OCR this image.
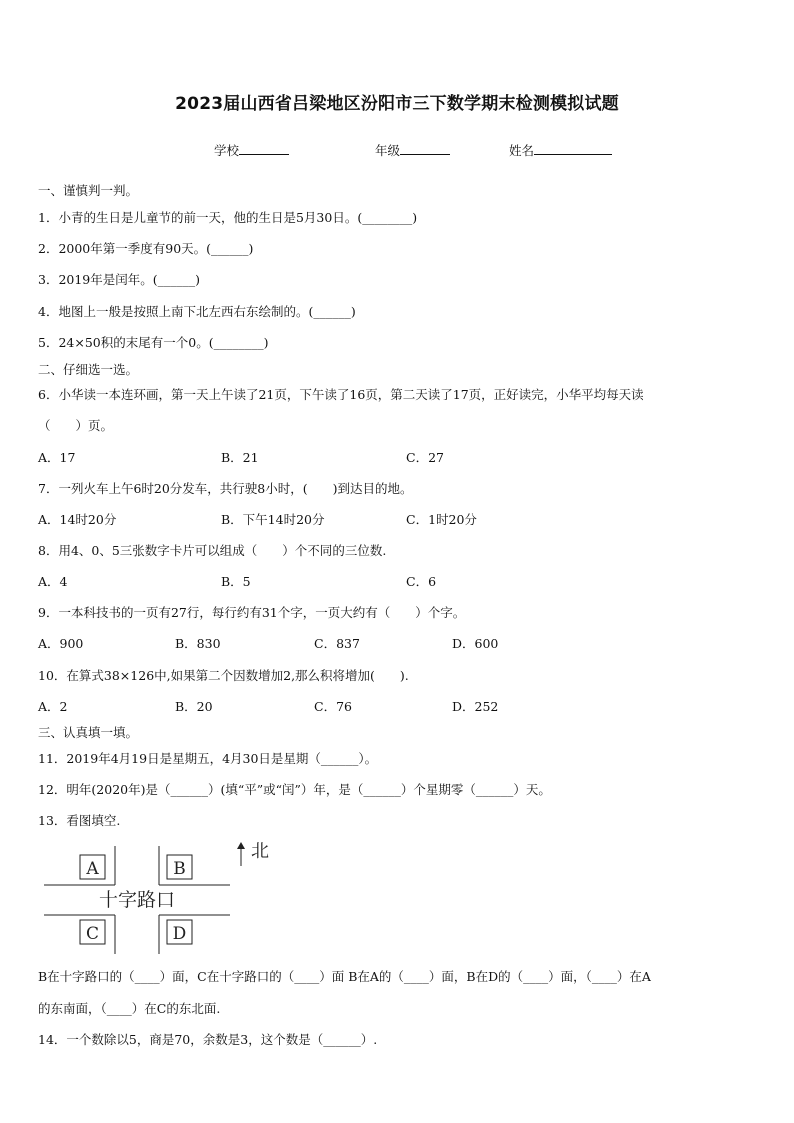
2023届山西省吕梁地区汾阳市三下数学期末检测模拟试题
学校	年级	姓名
一、谨慎判一判。
1．小青的生日是儿童节的前一天，他的生日是5月30日。(________)
2．2000年第一季度有90天。(______)
3．2019年是闰年。(______)
4．地图上一般是按照上南下北左西右东绘制的。(______)
5．24×50积的末尾有一个0。(________)
二、仔细选一选。
6．小华读一本连环画，第一天上午读了21页，下午读了16页，第二天读了17页，正好读完，小华平均每天读
（　　）页。
A．17	B．21	C．27
7．一列火车上午6时20分发车，共行驶8小时，(　　)到达目的地。
A．14时20分	B．下午14时20分	C．1时20分
8．用4、0、5三张数字卡片可以组成（　　）个不同的三位数.
A．4	B．5	C．6
9．一本科技书的一页有27行，每行约有31个字，一页大约有（　　）个字。
A．900	B．830	C．837	D．600
10．在算式38×126中,如果第二个因数增加2,那么积将增加(　　).
A．2	B．20	C．76	D．252
三、认真填一填。
11．2019年4月19日是星期五，4月30日是星期（______）。
12．明年(2020年)是（______）(填“平”或“闰”）年，是（______）个星期零（______）天。
13．看图填空.
A	B
C	D
十字路口
北
B在十字路口的（____）面，C在十字路口的（____）面 B在A的（____）面，B在D的（____）面，（____）在A
的东南面，（____）在C的东北面.
14．一个数除以5，商是70，余数是3，这个数是（______）.
